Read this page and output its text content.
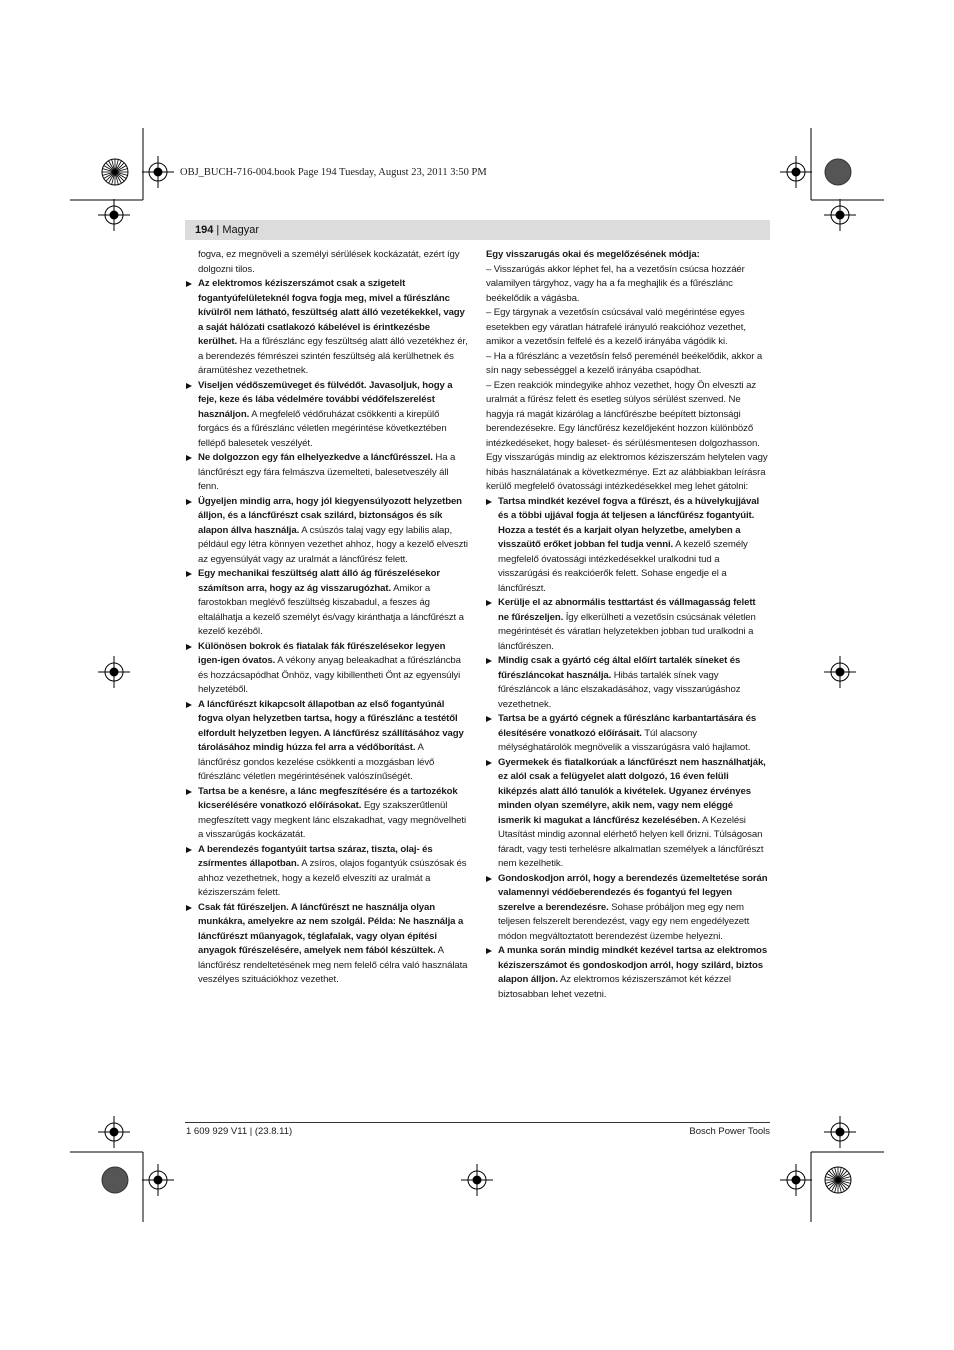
OBJ_BUCH-716-004.book Page 194 Tuesday, August 23, 2011 3:50 PM
194 | Magyar

fogva, ez megnöveli a személyi sérülések kockázatát, ezért így dolgozni tilos.

Az elektromos kéziszerszámot csak a szigetelt fogantyúfelületeknél fogva fogja meg, mivel a fűrészlánc kívülről nem látható, feszültség alatt álló vezetékekkel, vagy a saját hálózati csatlakozó kábelével is érintkezésbe kerülhet. Ha a fűrészlánc egy feszültség alatt álló vezetékhez ér, a berendezés fémrészei szintén feszültség alá kerülhetnek és áramütéshez vezethetnek.

Viseljen védőszemüveget és fülvédőt. Javasoljuk, hogy a feje, keze és lába védelmére további védőfelszerelést használjon. A megfelelő védőruházat csökkenti a kirepülő forgács és a fűrészlánc véletlen megérintése következtében fellépő balesetek veszélyét.

Ne dolgozzon egy fán elhelyezkedve a láncfűrésszel. Ha a láncfűrészt egy fára felmászva üzemelteti, balesetveszély áll fenn.

Ügyeljen mindig arra, hogy jól kiegyensúlyozott helyzetben álljon, és a láncfűrészt csak szilárd, biztonságos és sík alapon állva használja. A csúszós talaj vagy egy labilis alap, például egy létra könnyen vezethet ahhoz, hogy a kezelő elveszti az egyensúlyát vagy az uralmát a láncfűrész felett.

Egy mechanikai feszültség alatt álló ág fűrészelésekor számítson arra, hogy az ág visszarugózhat. Amikor a farostokban meglévő feszültség kiszabadul, a feszes ág eltalálhatja a kezelő személyt és/vagy kiránthatja a láncfűrészt a kezelő kezéből.

Különösen bokrok és fiatalak fák fűrészelésekor legyen igen-igen óvatos. A vékony anyag beleakadhat a fűrészláncba és hozzácsapódhat Önhöz, vagy kibillentheti Önt az egyensúlyi helyzetéből.

A láncfűrészt kikapcsolt állapotban az első fogantyúnál fogva olyan helyzetben tartsa, hogy a fűrészlánc a testétől elfordult helyzetben legyen. A láncfűrész szállításához vagy tárolásához mindig húzza fel arra a védőborítást. A láncfűrész gondos kezelése csökkenti a mozgásban lévő fűrészlánc véletlen megérintésének valószínűségét.

Tartsa be a kenésre, a lánc megfeszítésére és a tartozékok kicserélésére vonatkozó előírásokat. Egy szakszerűtlenül megfeszített vagy megkent lánc elszakadhat, vagy megnövelheti a visszarúgás kockázatát.

A berendezés fogantyúit tartsa száraz, tiszta, olaj- és zsírmentes állapotban. A zsíros, olajos fogantyúk csúszósak és ahhoz vezethetnek, hogy a kezelő elveszíti az uralmát a kéziszerszám felett.

Csak fát fűrészeljen. A láncfűrészt ne használja olyan munkákra, amelyekre az nem szolgál. Példa: Ne használja a láncfűrészt műanyagok, téglafalak, vagy olyan építési anyagok fűrészelésére, amelyek nem fából készültek. A láncfűrész rendeltetésének meg nem felelő célra való használata veszélyes szituációkhoz vezethet.

Egy visszarugás okai és megelőzésének módja:

– Visszarúgás akkor léphet fel, ha a vezetősín csúcsa hozzáér valamilyen tárgyhoz, vagy ha a fa meghajlik és a fűrészlánc beékelődik a vágásba.

– Egy tárgynak a vezetősín csúcsával való megérintése egyes esetekben egy váratlan hátrafelé irányuló reakcióhoz vezethet, amikor a vezetősín felfelé és a kezelő irányába vágódik ki.

– Ha a fűrészlánc a vezetősín felső pereménél beékelődik, akkor a sín nagy sebességgel a kezelő irányába csapódhat.

– Ezen reakciók mindegyike ahhoz vezethet, hogy Ön elveszti az uralmát a fűrész felett és esetleg súlyos sérülést szenved. Ne hagyja rá magát kizárólag a láncfűrészbe beépített biztonsági berendezésekre. Egy láncfűrész kezelőjeként hozzon különböző intézkedéseket, hogy baleset- és sérülésmentesen dolgozhasson.

Egy visszarúgás mindig az elektromos kéziszerszám helytelen vagy hibás használatának a következménye. Ezt az alábbiakban leírásra kerülő megfelelő óvatossági intézkedésekkel meg lehet gátolni:

Tartsa mindkét kezével fogva a fűrészt, és a hüvelykujjával és a többi ujjával fogja át teljesen a láncfűrész fogantyúit. Hozza a testét és a karjait olyan helyzetbe, amelyben a visszaütő erőket jobban fel tudja venni. A kezelő személy megfelelő óvatossági intézkedésekkel uralkodni tud a visszarúgási és reakcióerők felett. Sohase engedje el a láncfűrészt.

Kerülje el az abnormális testtartást és vállmagasság felett ne fűrészeljen. Így elkerülheti a vezetősín csúcsának véletlen megérintését és váratlan helyzetekben jobban tud uralkodni a láncfűrészen.

Mindig csak a gyártó cég által előírt tartalék síneket és fűrészláncokat használja. Hibás tartalék sínek vagy fűrészláncok a lánc elszakadásához, vagy visszarúgáshoz vezethetnek.

Tartsa be a gyártó cégnek a fűrészlánc karbantartására és élesítésére vonatkozó előírásait. Túl alacsony mélységhatárolók megnövelik a visszarúgásra való hajlamot.

Gyermekek és fiatalkorúak a láncfűrészt nem használhatják, ez alól csak a felügyelet alatt dolgozó, 16 éven felüli kiképzés alatt álló tanulók a kivételek. Ugyanez érvényes minden olyan személyre, akik nem, vagy nem eléggé ismerik ki magukat a láncfűrész kezelésében. A Kezelési Utasítást mindig azonnal elérhető helyen kell őrizni. Túlságosan fáradt, vagy testi terhelésre alkalmatlan személyek a láncfűrészt nem kezelhetik.

Gondoskodjon arról, hogy a berendezés üzemeltetése során valamennyi védőeberendezés és fogantyú fel legyen szerelve a berendezésre. Sohase próbáljon meg egy nem teljesen felszerelt berendezést, vagy egy nem engedélyezett módon megváltoztatott berendezést üzembe helyezni.

A munka során mindig mindkét kezével tartsa az elektromos kéziszerszámot és gondoskodjon arról, hogy szilárd, biztos alapon álljon. Az elektromos kéziszerszámot két kézzel biztosabban lehet vezetni.

1 609 929 V11 | (23.8.11)	Bosch Power Tools
